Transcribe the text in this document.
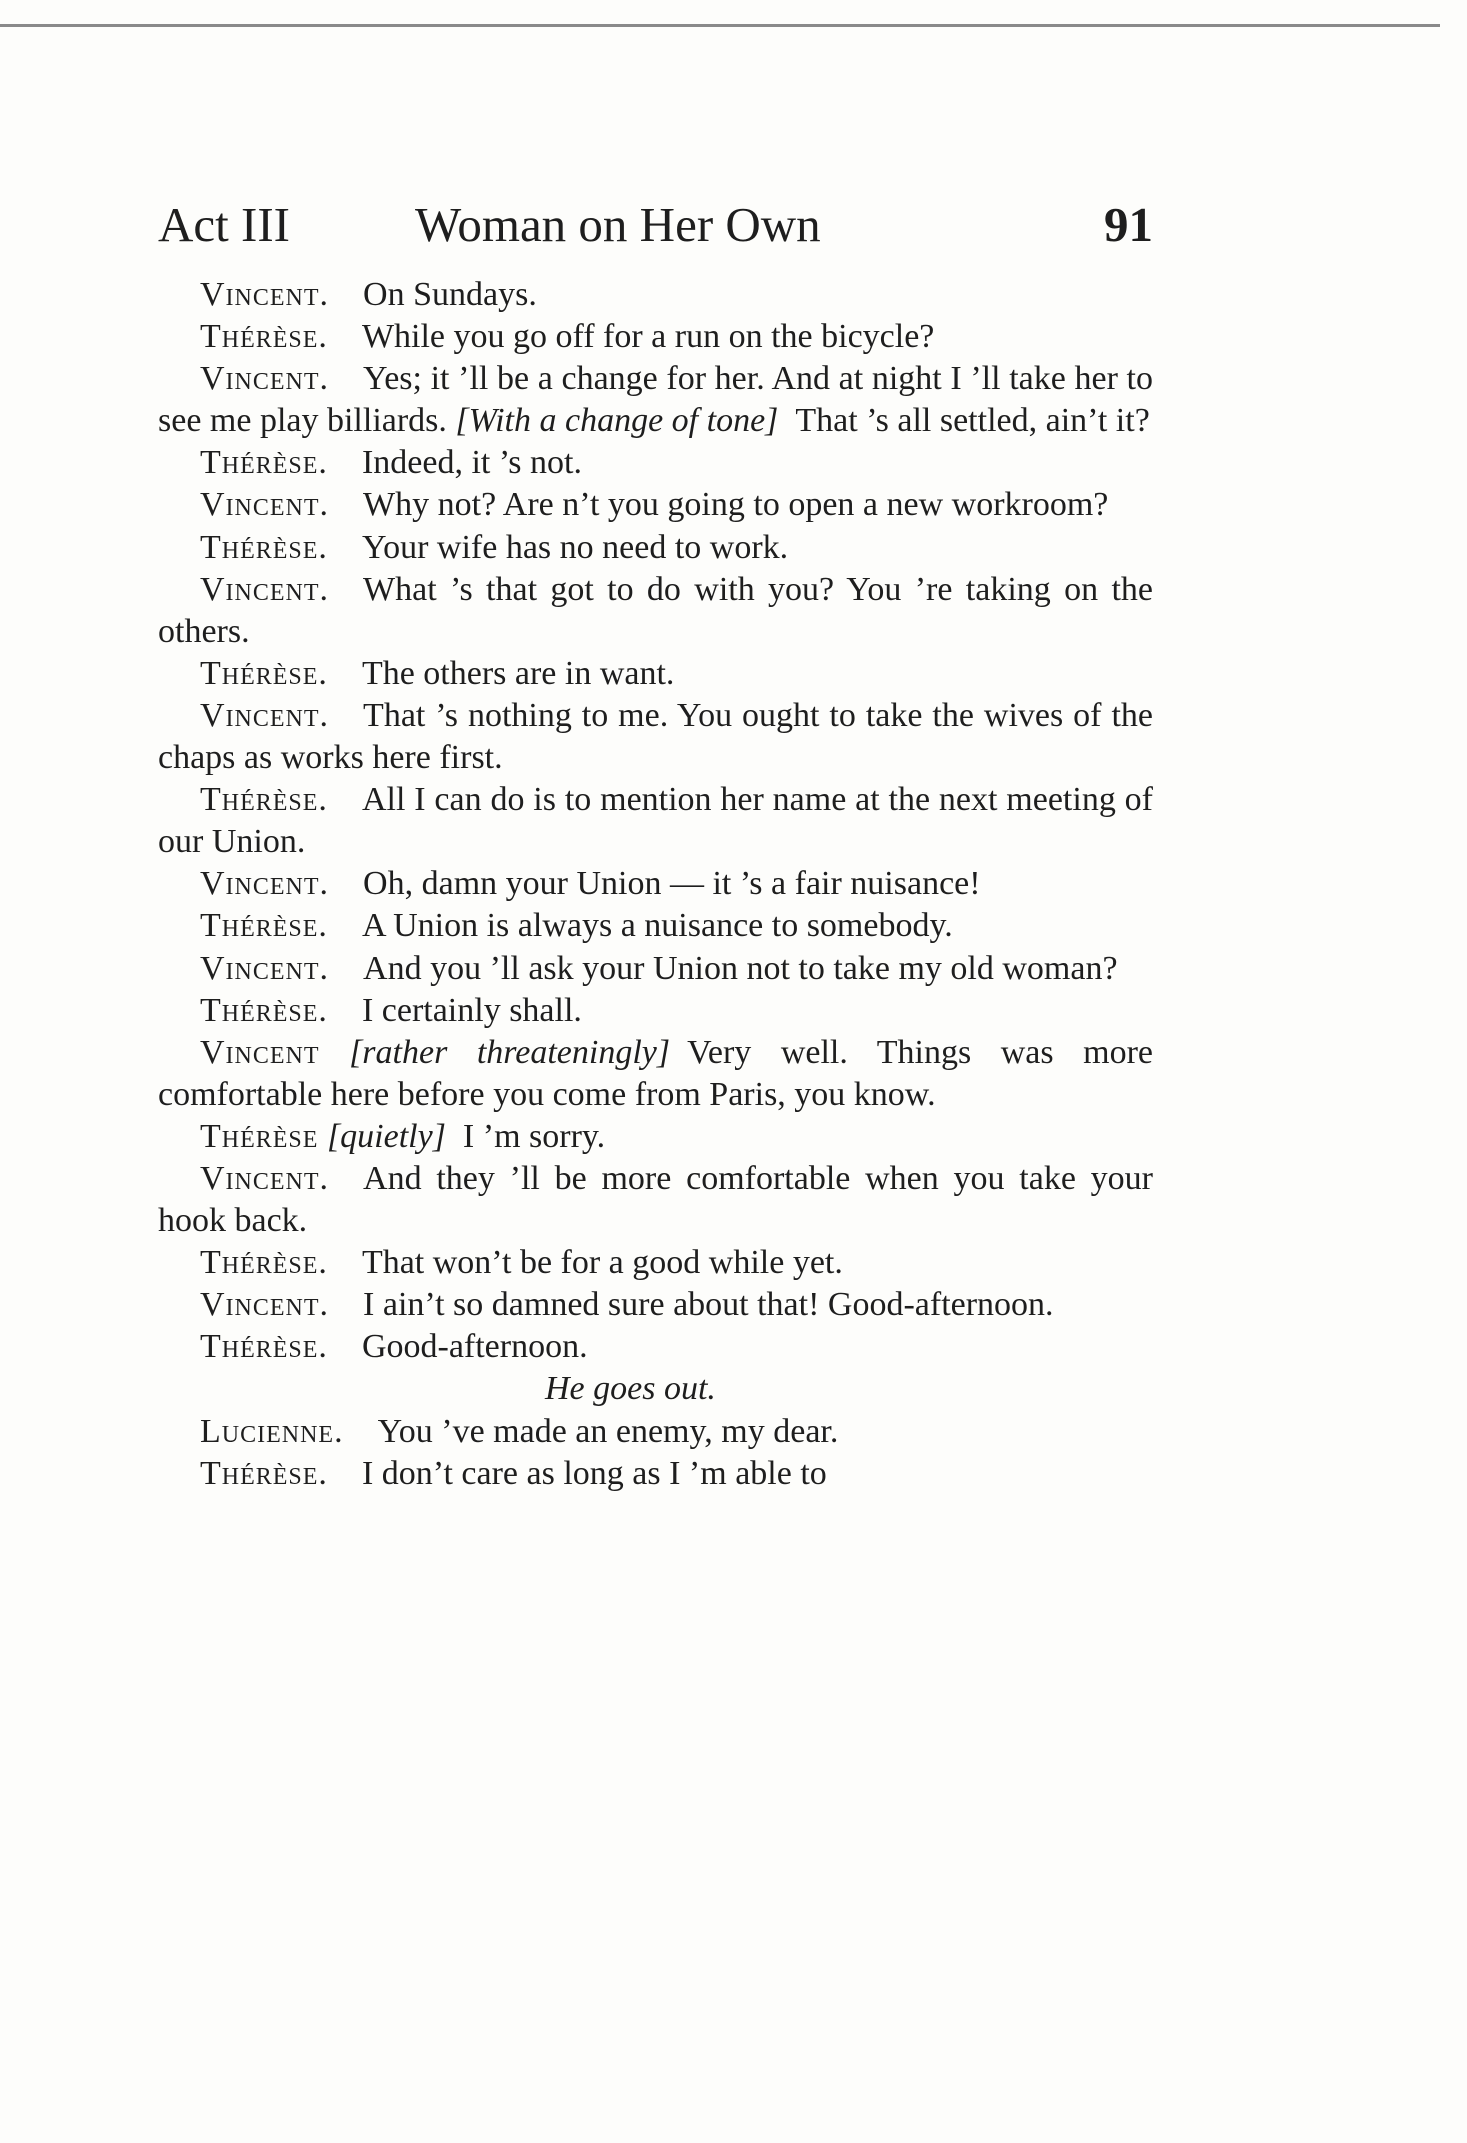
Act III	Woman on Her Own	91

Vincent.  On Sundays.

Thérèse.  While you go off for a run on the bicycle?

Vincent.  Yes; it ’ll be a change for her. And at night I ’ll take her to see me play billiards. [With a change of tone]  That ’s all settled, ain’t it?

Thérèse.  Indeed, it ’s not.

Vincent.  Why not? Are n’t you going to open a new workroom?

Thérèse.  Your wife has no need to work.

Vincent.  What ’s that got to do with you? You ’re taking on the others.

Thérèse.  The others are in want.

Vincent.  That ’s nothing to me. You ought to take the wives of the chaps as works here first.

Thérèse.  All I can do is to mention her name at the next meeting of our Union.

Vincent.  Oh, damn your Union — it ’s a fair nuisance!

Thérèse.  A Union is always a nuisance to somebody.

Vincent.  And you ’ll ask your Union not to take my old woman?

Thérèse.  I certainly shall.

Vincent [rather threateningly]  Very well. Things was more comfortable here before you come from Paris, you know.

Thérèse [quietly]  I ’m sorry.

Vincent.  And they ’ll be more comfortable when you take your hook back.

Thérèse.  That won’t be for a good while yet.

Vincent.  I ain’t so damned sure about that! Good-afternoon.

Thérèse.  Good-afternoon.

He goes out.

Lucienne.  You ’ve made an enemy, my dear.

Thérèse.  I don’t care as long as I ’m able to
